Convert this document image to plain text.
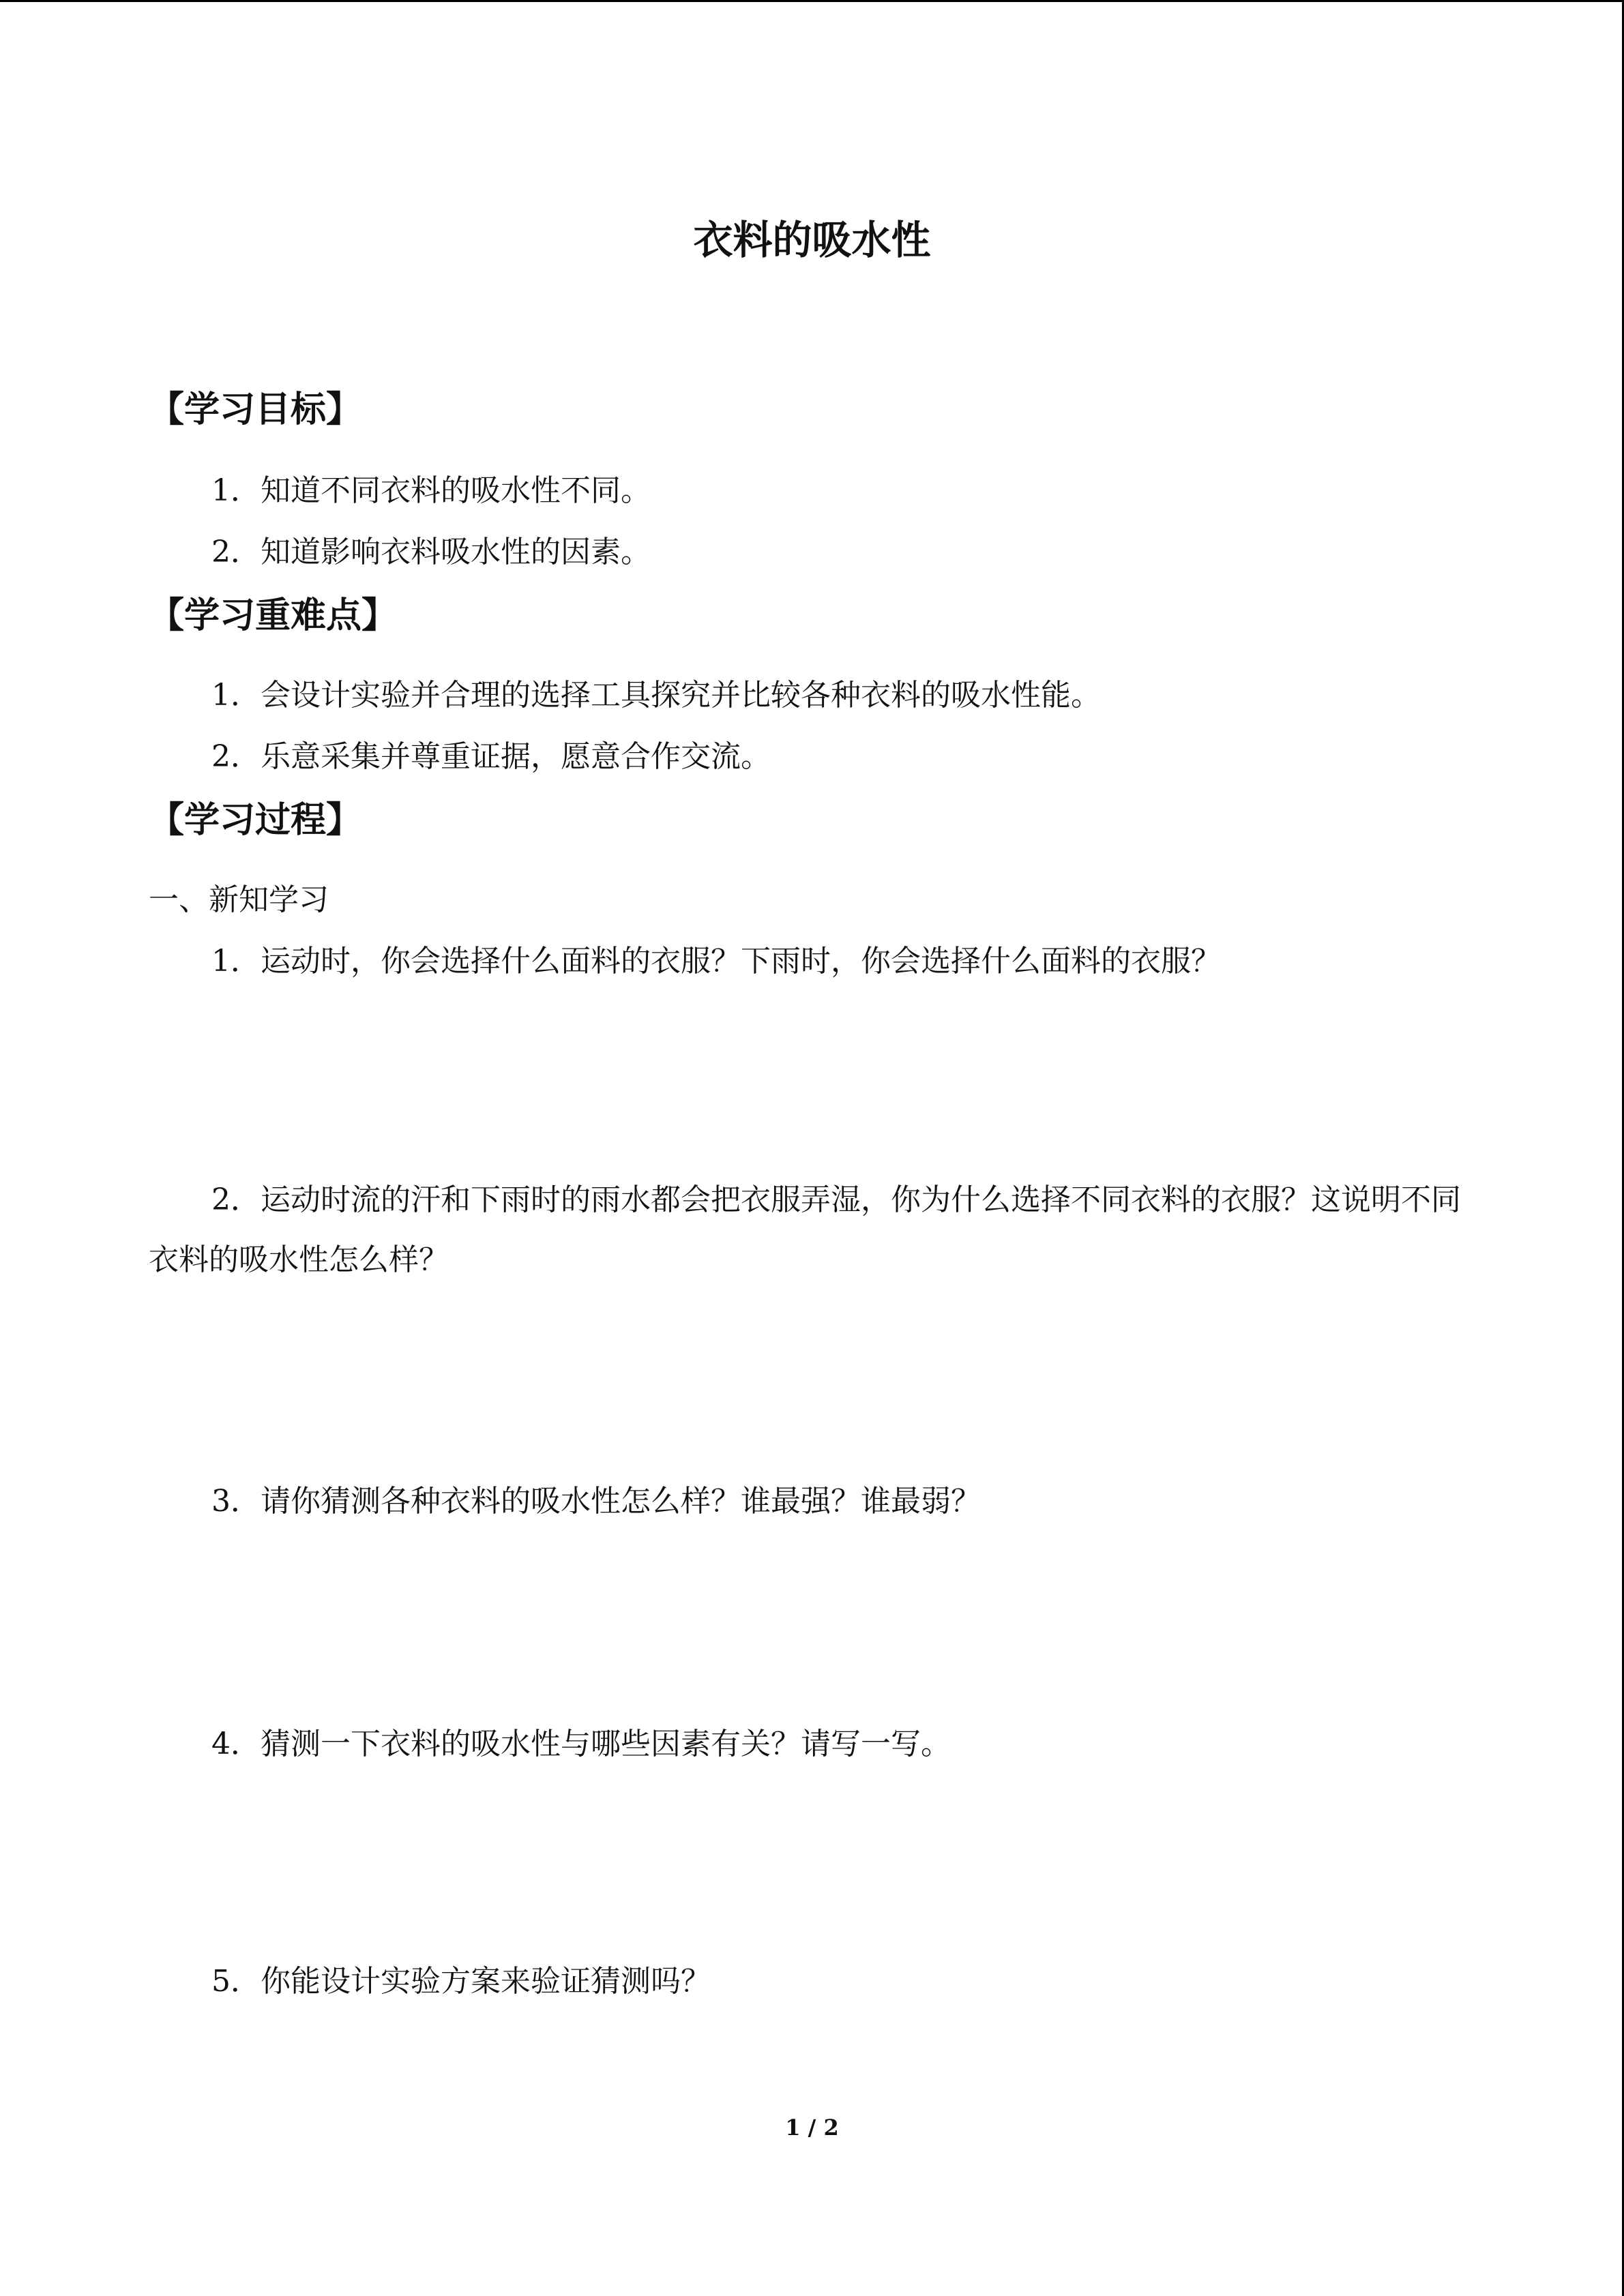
衣料的吸水性
【学习目标】
1．知道不同衣料的吸水性不同。
2．知道影响衣料吸水性的因素。
【学习重难点】
1．会设计实验并合理的选择工具探究并比较各种衣料的吸水性能。
2．乐意采集并尊重证据，愿意合作交流。
【学习过程】
一、新知学习
1．运动时，你会选择什么面料的衣服？下雨时，你会选择什么面料的衣服？
2．运动时流的汗和下雨时的雨水都会把衣服弄湿，你为什么选择不同衣料的衣服？这说明不同衣料的吸水性怎么样？
3．请你猜测各种衣料的吸水性怎么样？谁最强？谁最弱？
4．猜测一下衣料的吸水性与哪些因素有关？请写一写。
5．你能设计实验方案来验证猜测吗？
1 / 2
